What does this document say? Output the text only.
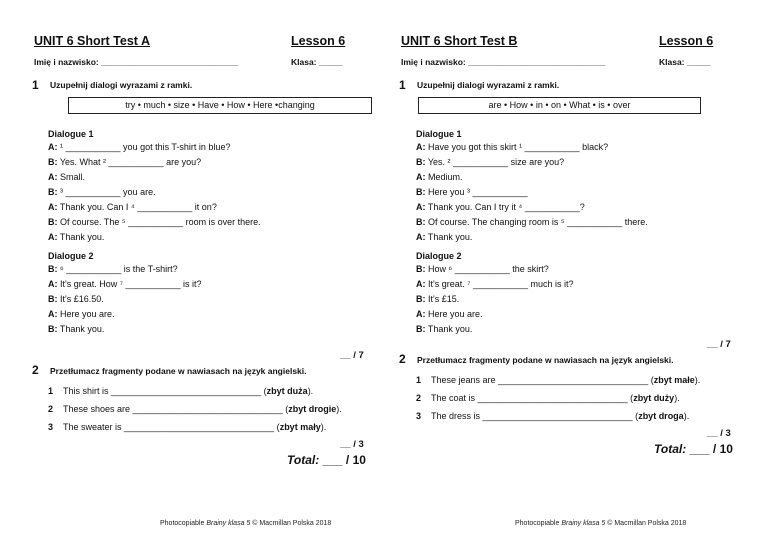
UNIT 6 Short Test A	Lesson 6
Imię i nazwisko: _____________________________	Klasa: _____
1 Uzupełnij dialogi wyrazami z ramki.
try • much • size • Have • How • Here •changing
Dialogue 1
A: ¹ ___________ you got this T-shirt in blue?
B: Yes. What ² ___________ are you?
A: Small.
B: ³ ___________ you are.
A: Thank you. Can I ⁴ ___________ it on?
B: Of course. The ⁵ ___________ room is over there.
A: Thank you.
Dialogue 2
B: ⁶ ___________ is the T-shirt?
A: It's great. How ⁷ ___________ is it?
B: It's £16.50.
A: Here you are.
B: Thank you.
__ / 7
2 Przetłumacz fragmenty podane w nawiasach na język angielski.
1 This shirt is ______________________________ (zbyt duża).
2 These shoes are ______________________________ (zbyt drogie).
3 The sweater is ______________________________ (zbyt mały).
__ / 3
Total: ___ / 10
Photocopiable Brainy klasa 5 © Macmillan Polska 2018
UNIT 6 Short Test B	Lesson 6
Imię i nazwisko: _____________________________	Klasa: _____
1 Uzupełnij dialogi wyrazami z ramki.
are • How • in • on • What • is • over
Dialogue 1
A: Have you got this skirt ¹ ___________ black?
B: Yes. ² ___________ size are you?
A: Medium.
B: Here you ³ ___________
A: Thank you. Can I try it ⁴ ___________?
B: Of course. The changing room is ⁵ ___________ there.
A: Thank you.
Dialogue 2
B: How ⁶ ___________ the skirt?
A: It's great. ⁷ ___________ much is it?
B: It's £15.
A: Here you are.
B: Thank you.
__ / 7
2 Przetłumacz fragmenty podane w nawiasach na język angielski.
1 These jeans are ______________________________ (zbyt małe).
2 The coat is ______________________________ (zbyt duży).
3 The dress is ______________________________ (zbyt droga).
__ / 3
Total: ___ / 10
Photocopiable Brainy klasa 5 © Macmillan Polska 2018
